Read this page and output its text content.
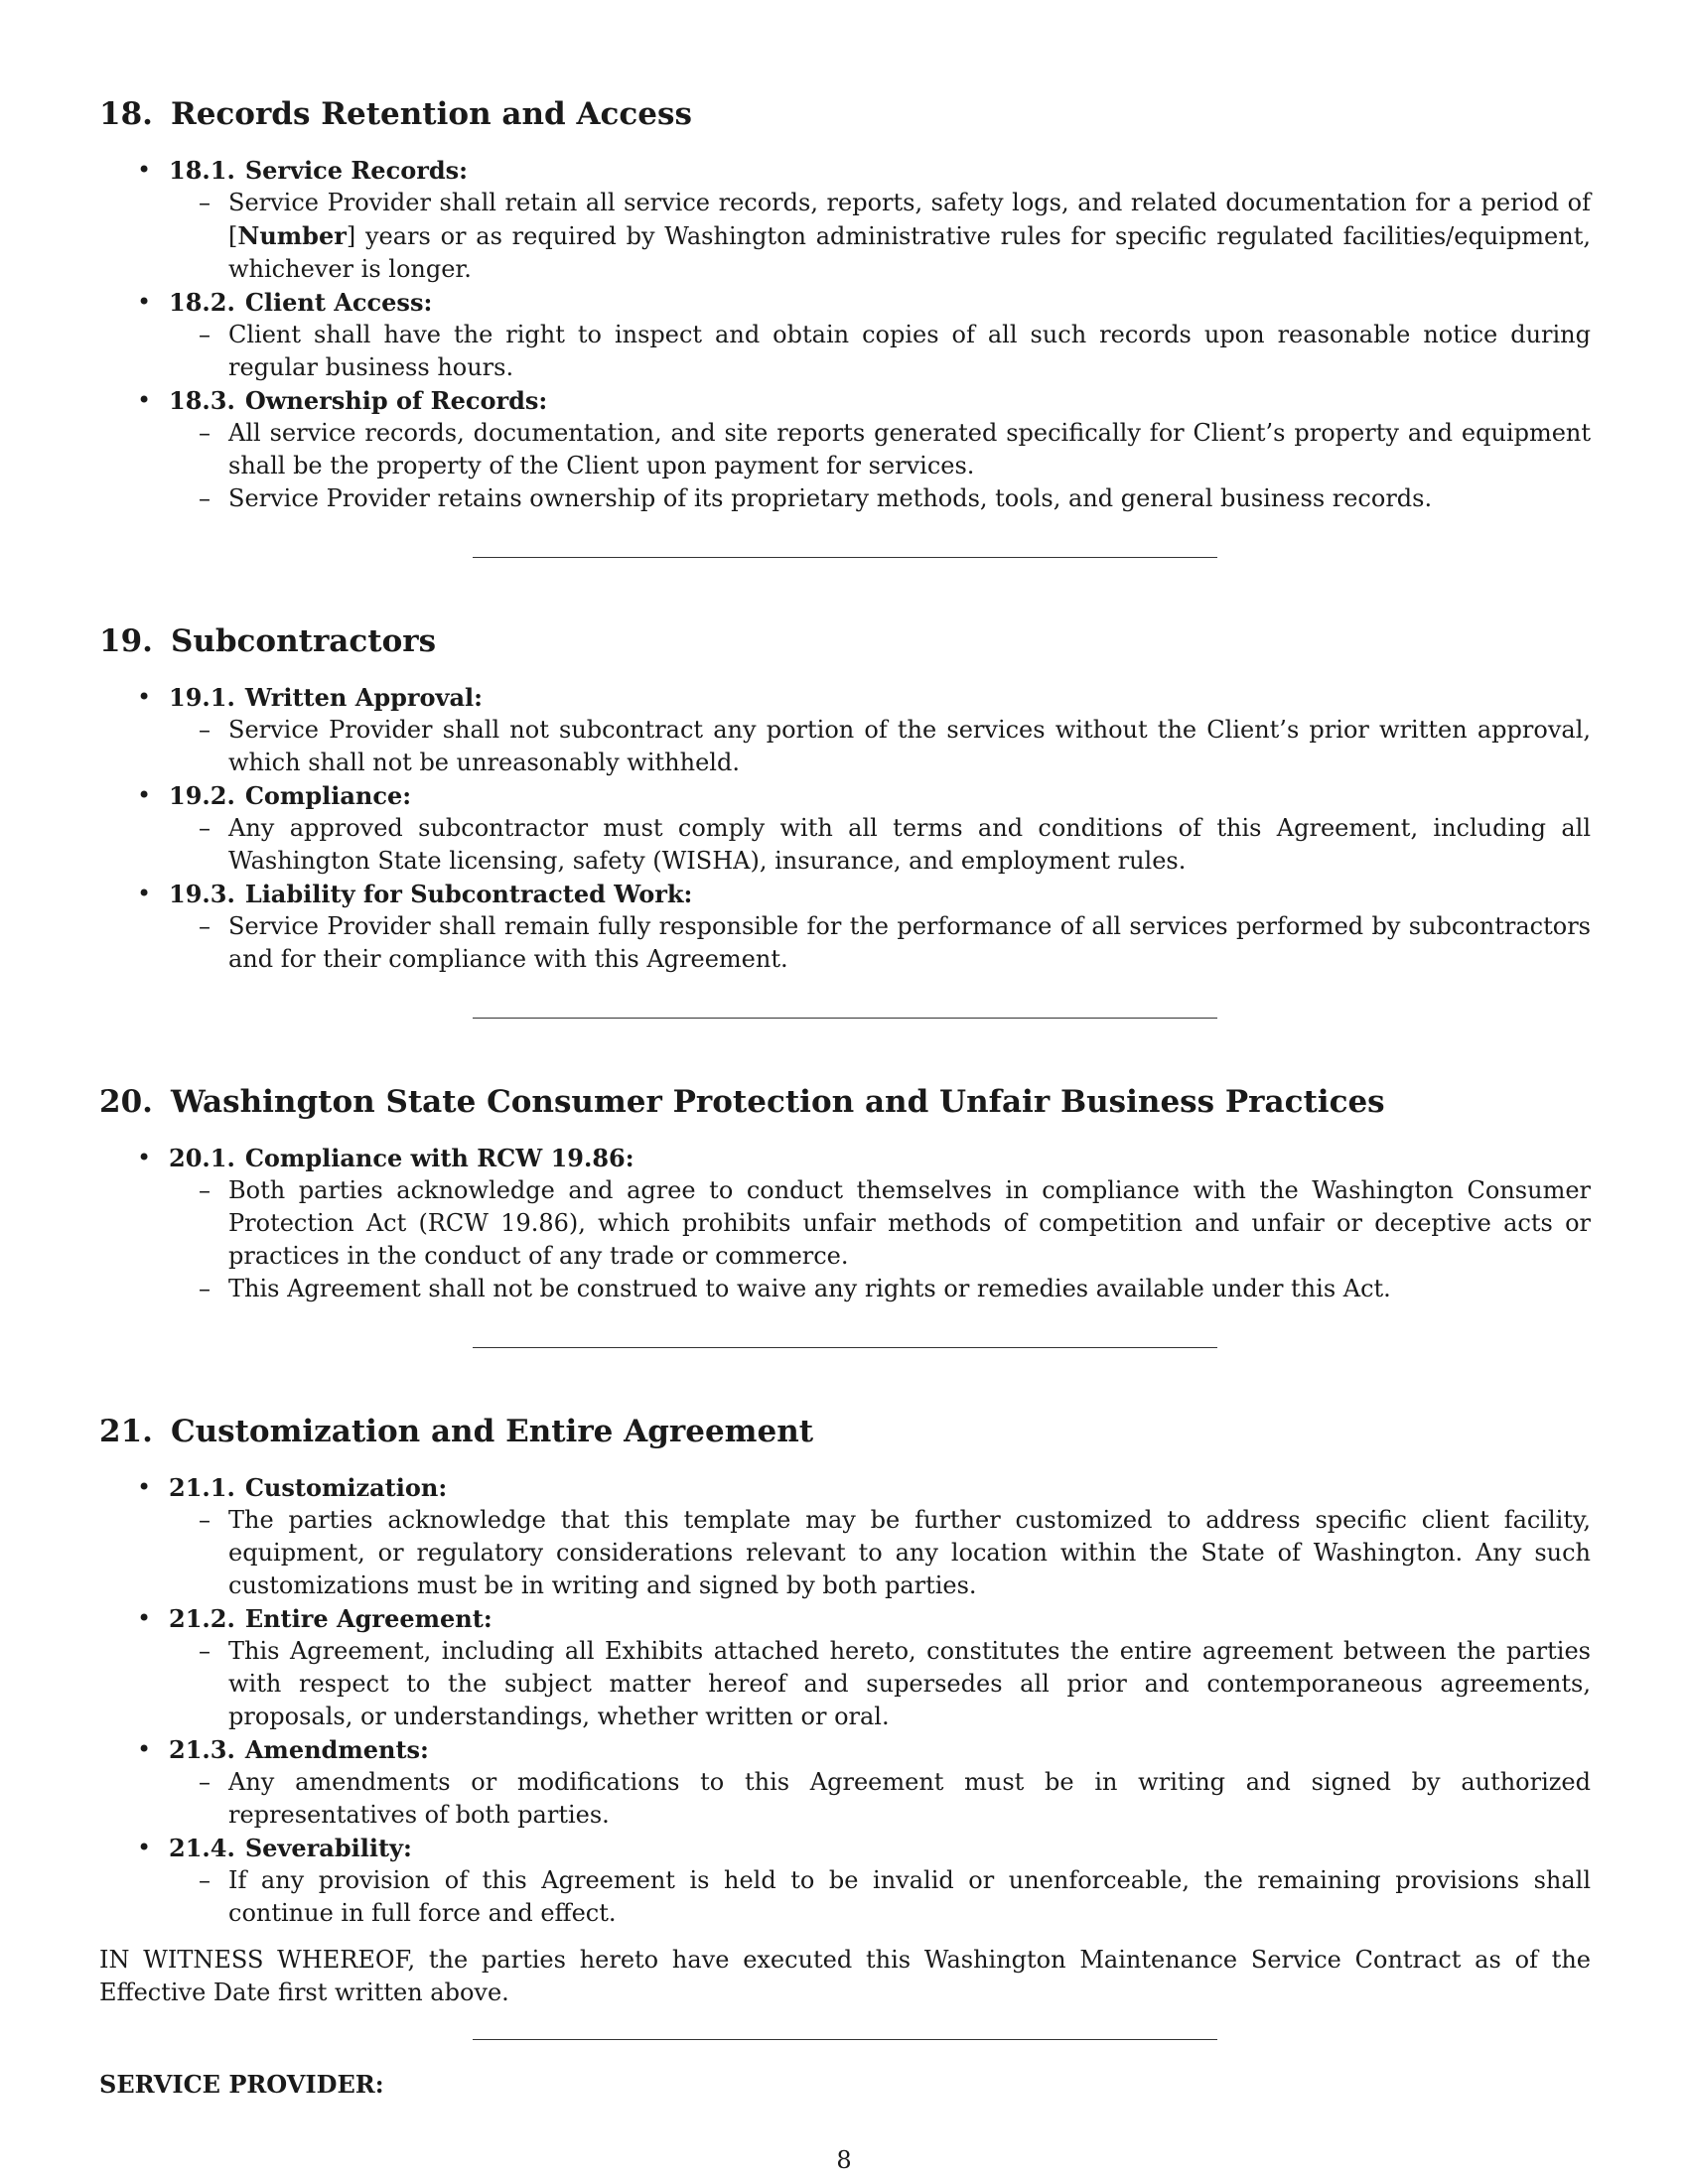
18. Records Retention and Access
• 18.1. Service Records:
– Service Provider shall retain all service records, reports, safety logs, and related documentation for a period of [Number] years or as required by Washington administrative rules for specific regulated facilities/equipment, whichever is longer.
• 18.2. Client Access:
– Client shall have the right to inspect and obtain copies of all such records upon reasonable notice during regular business hours.
• 18.3. Ownership of Records:
– All service records, documentation, and site reports generated specifically for Client’s property and equipment shall be the property of the Client upon payment for services.
– Service Provider retains ownership of its proprietary methods, tools, and general business records.
19. Subcontractors
• 19.1. Written Approval:
– Service Provider shall not subcontract any portion of the services without the Client’s prior written approval, which shall not be unreasonably withheld.
• 19.2. Compliance:
– Any approved subcontractor must comply with all terms and conditions of this Agreement, including all Washington State licensing, safety (WISHA), insurance, and employment rules.
• 19.3. Liability for Subcontracted Work:
– Service Provider shall remain fully responsible for the performance of all services performed by subcontractors and for their compliance with this Agreement.
20. Washington State Consumer Protection and Unfair Business Practices
• 20.1. Compliance with RCW 19.86:
– Both parties acknowledge and agree to conduct themselves in compliance with the Washington Consumer Protection Act (RCW 19.86), which prohibits unfair methods of competition and unfair or deceptive acts or practices in the conduct of any trade or commerce.
– This Agreement shall not be construed to waive any rights or remedies available under this Act.
21. Customization and Entire Agreement
• 21.1. Customization:
– The parties acknowledge that this template may be further customized to address specific client facility, equipment, or regulatory considerations relevant to any location within the State of Washington. Any such customizations must be in writing and signed by both parties.
• 21.2. Entire Agreement:
– This Agreement, including all Exhibits attached hereto, constitutes the entire agreement between the parties with respect to the subject matter hereof and supersedes all prior and contemporaneous agreements, proposals, or understandings, whether written or oral.
• 21.3. Amendments:
– Any amendments or modifications to this Agreement must be in writing and signed by authorized representatives of both parties.
• 21.4. Severability:
– If any provision of this Agreement is held to be invalid or unenforceable, the remaining provisions shall continue in full force and effect.
IN WITNESS WHEREOF, the parties hereto have executed this Washington Maintenance Service Contract as of the Effective Date first written above.
SERVICE PROVIDER:
8
